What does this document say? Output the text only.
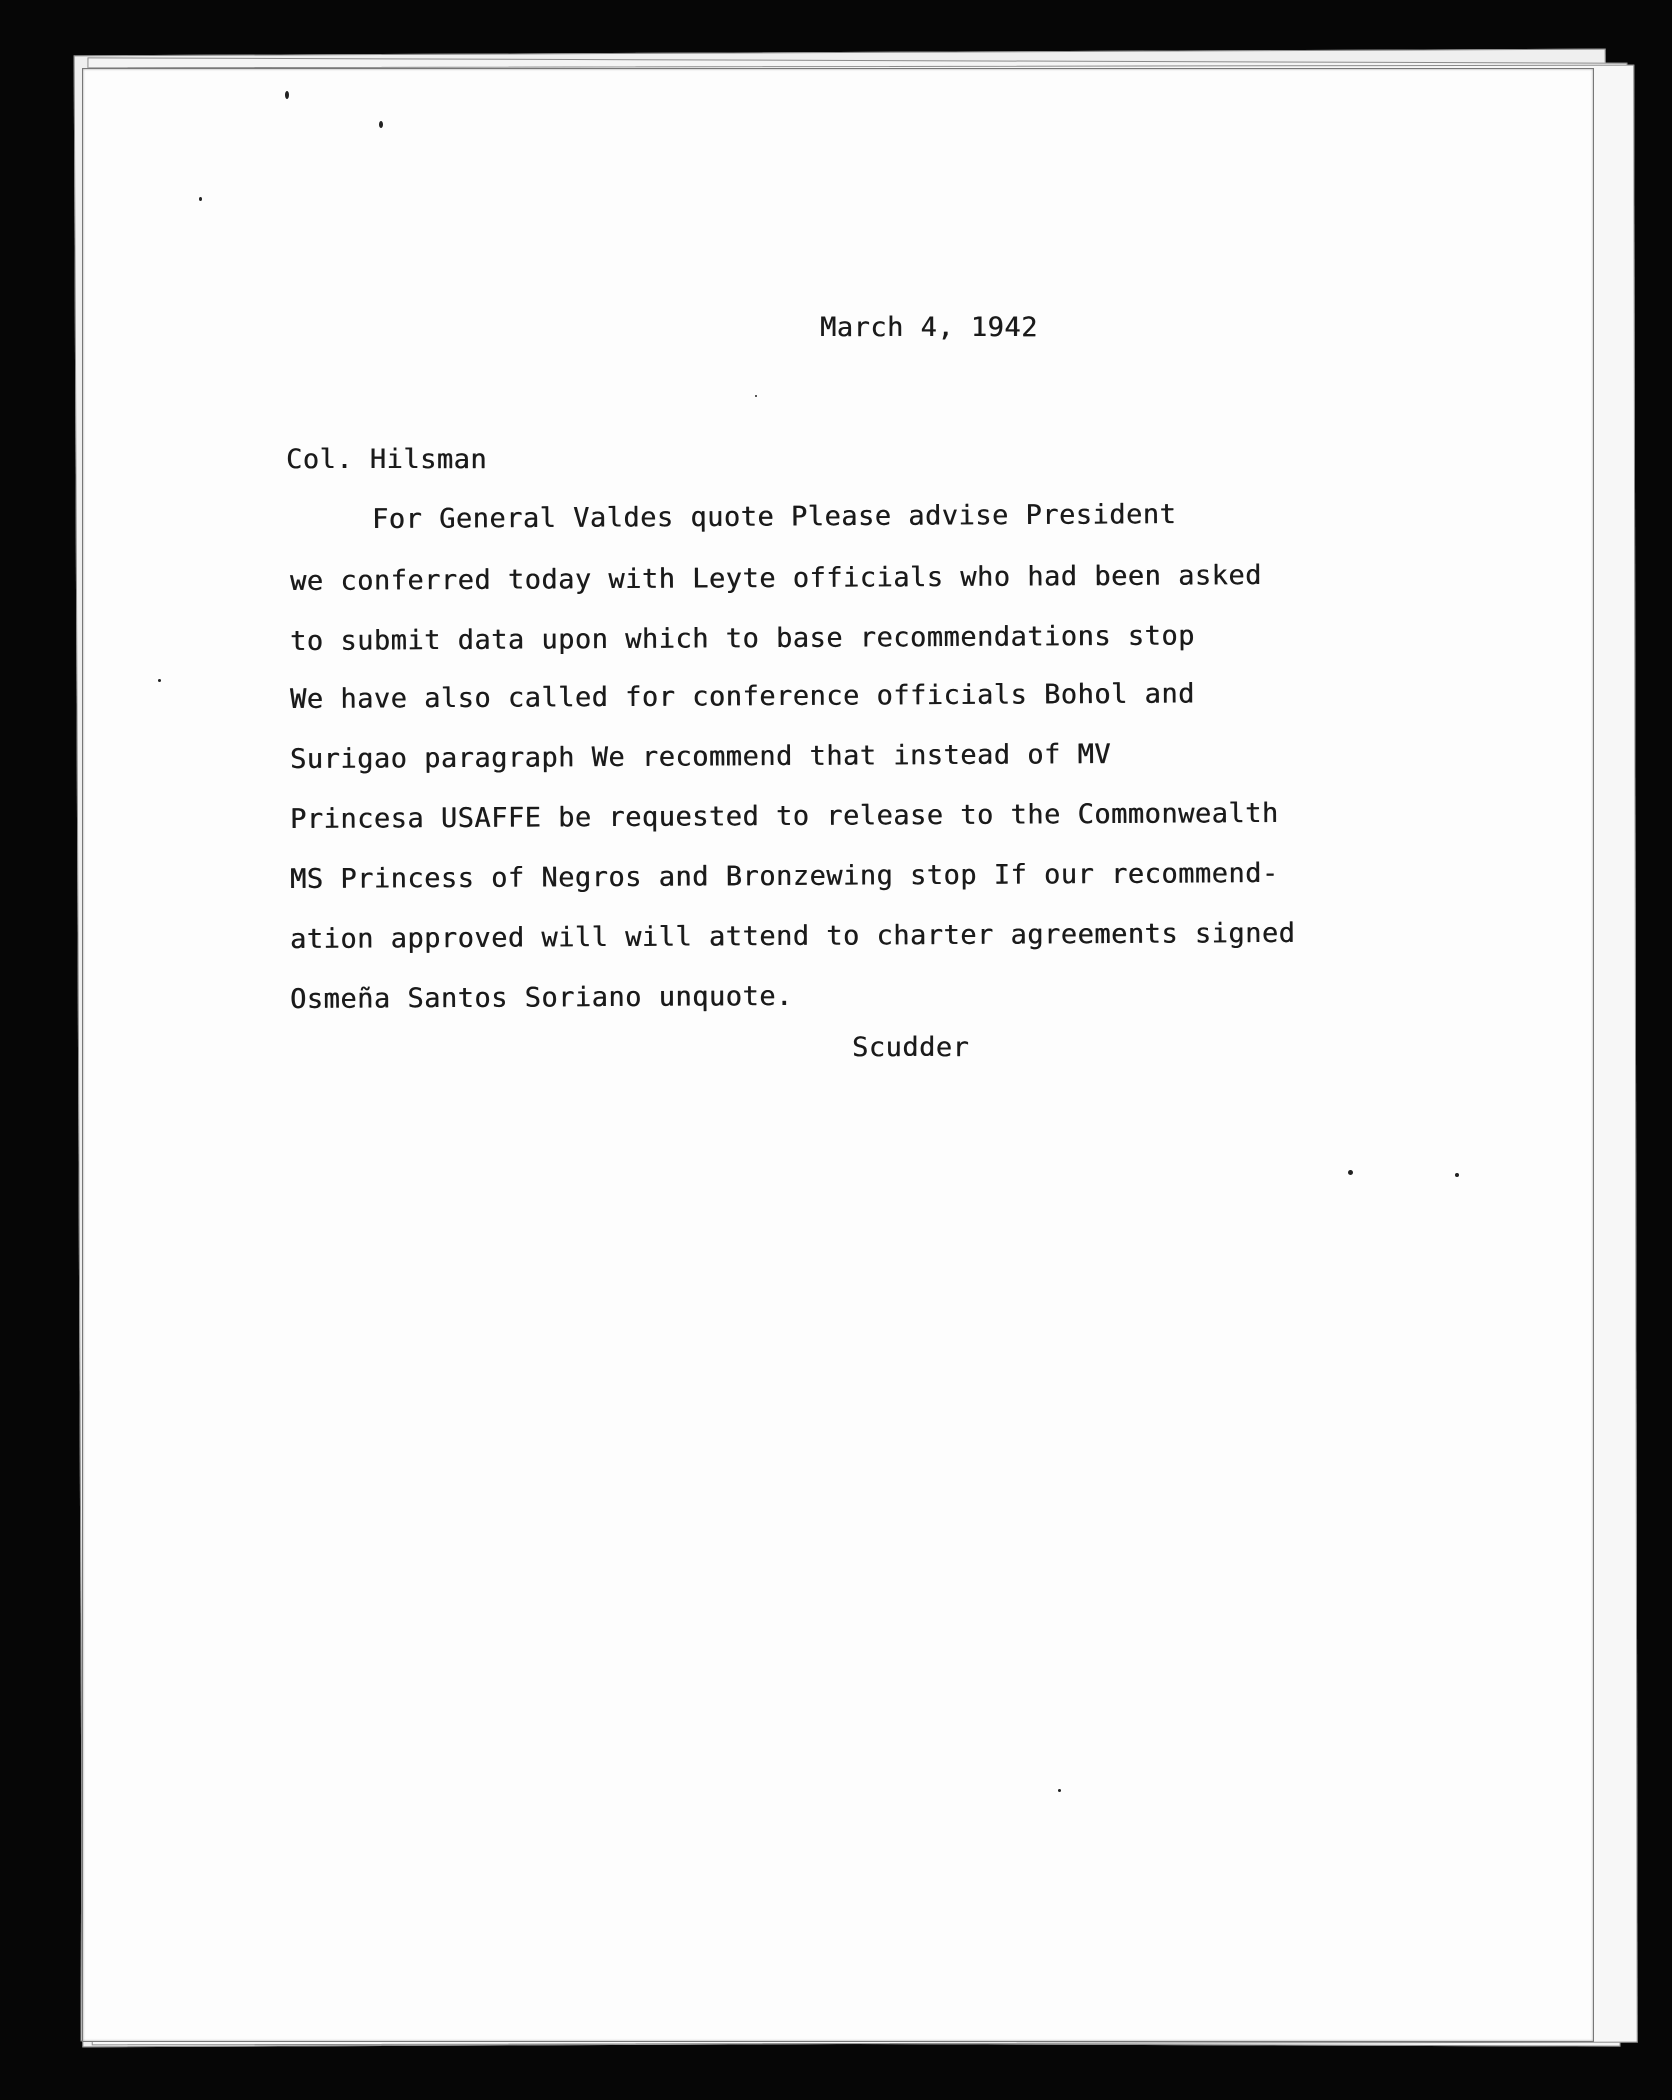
March 4, 1942
Col. Hilsman
For General Valdes quote Please advise President
we conferred today with Leyte officials who had been asked
to submit data upon which to base recommendations stop
We have also called for conference officials Bohol and
Surigao paragraph We recommend that instead of MV
Princesa USAFFE be requested to release to the Commonwealth
MS Princess of Negros and Bronzewing stop If our recommend-
ation approved will will attend to charter agreements signed
Osmeña Santos Soriano unquote.
Scudder
